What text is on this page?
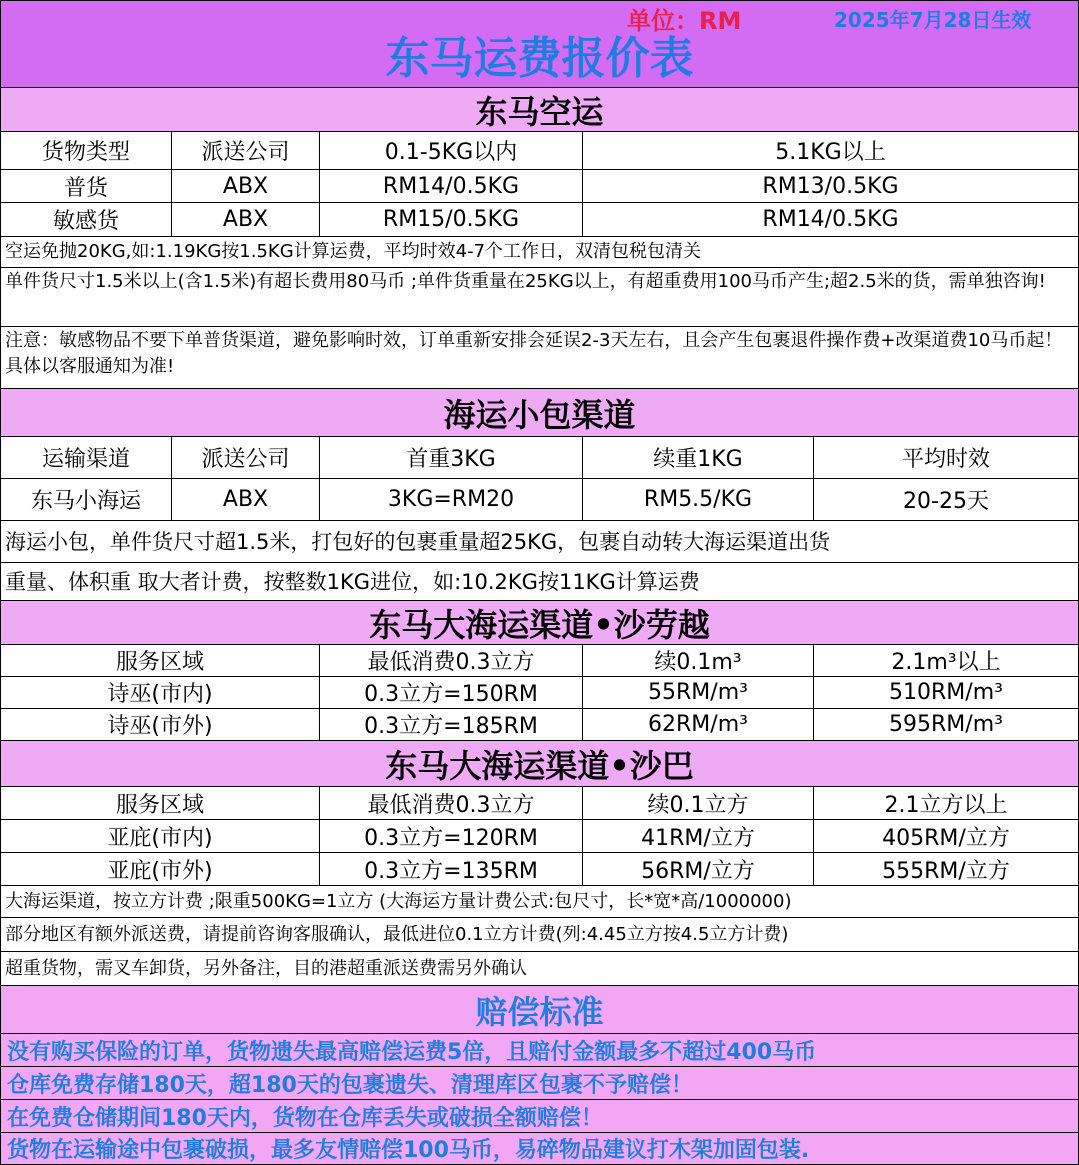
单位：RM	2025年7月28日生效
东马运费报价表
东马空运
货物类型	派送公司	0.1-5KG以内	5.1KG以上
普货	ABX	RM14/0.5KG	RM13/0.5KG
敏感货	ABX	RM15/0.5KG	RM14/0.5KG
空运免抛20KG,如:1.19KG按1.5KG计算运费，平均时效4-7个工作日，双清包税包清关
单件货尺寸1.5米以上(含1.5米)有超长费用80马币 ;单件货重量在25KG以上，有超重费用100马币产生;超2.5米的货，需单独咨询!
注意：敏感物品不要下单普货渠道，避免影响时效，订单重新安排会延误2-3天左右，且会产生包裹退件操作费+改渠道费10马币起！ 具体以客服通知为准!
海运小包渠道
运输渠道	派送公司	首重3KG	续重1KG	平均时效
东马小海运	ABX	3KG=RM20	RM5.5/KG	20-25天
海运小包，单件货尺寸超1.5米，打包好的包裹重量超25KG，包裹自动转大海运渠道出货
重量、体积重 取大者计费，按整数1KG进位，如:10.2KG按11KG计算运费
东马大海运渠道•沙劳越
服务区域	最低消费0.3立方	续0.1m³	2.1m³以上
诗巫(市内)	0.3立方=150RM	55RM/m³	510RM/m³
诗巫(市外)	0.3立方=185RM	62RM/m³	595RM/m³
东马大海运渠道•沙巴
服务区域	最低消费0.3立方	续0.1立方	2.1立方以上
亚庇(市内)	0.3立方=120RM	41RM/立方	405RM/立方
亚庇(市外)	0.3立方=135RM	56RM/立方	555RM/立方
大海运渠道，按立方计费 ;限重500KG=1立方 (大海运方量计费公式:包尺寸，长*宽*高/1000000)
部分地区有额外派送费，请提前咨询客服确认，最低进位0.1立方计费(列:4.45立方按4.5立方计费)
超重货物，需叉车卸货，另外备注，目的港超重派送费需另外确认
赔偿标准
没有购买保险的订单，货物遗失最高赔偿运费5倍，且赔付金额最多不超过400马币
仓库免费存储180天，超180天的包裹遗失、清理库区包裹不予赔偿！
在免费仓储期间180天内，货物在仓库丢失或破损全额赔偿！
货物在运输途中包裹破损，最多友情赔偿100马币，易碎物品建议打木架加固包装.
